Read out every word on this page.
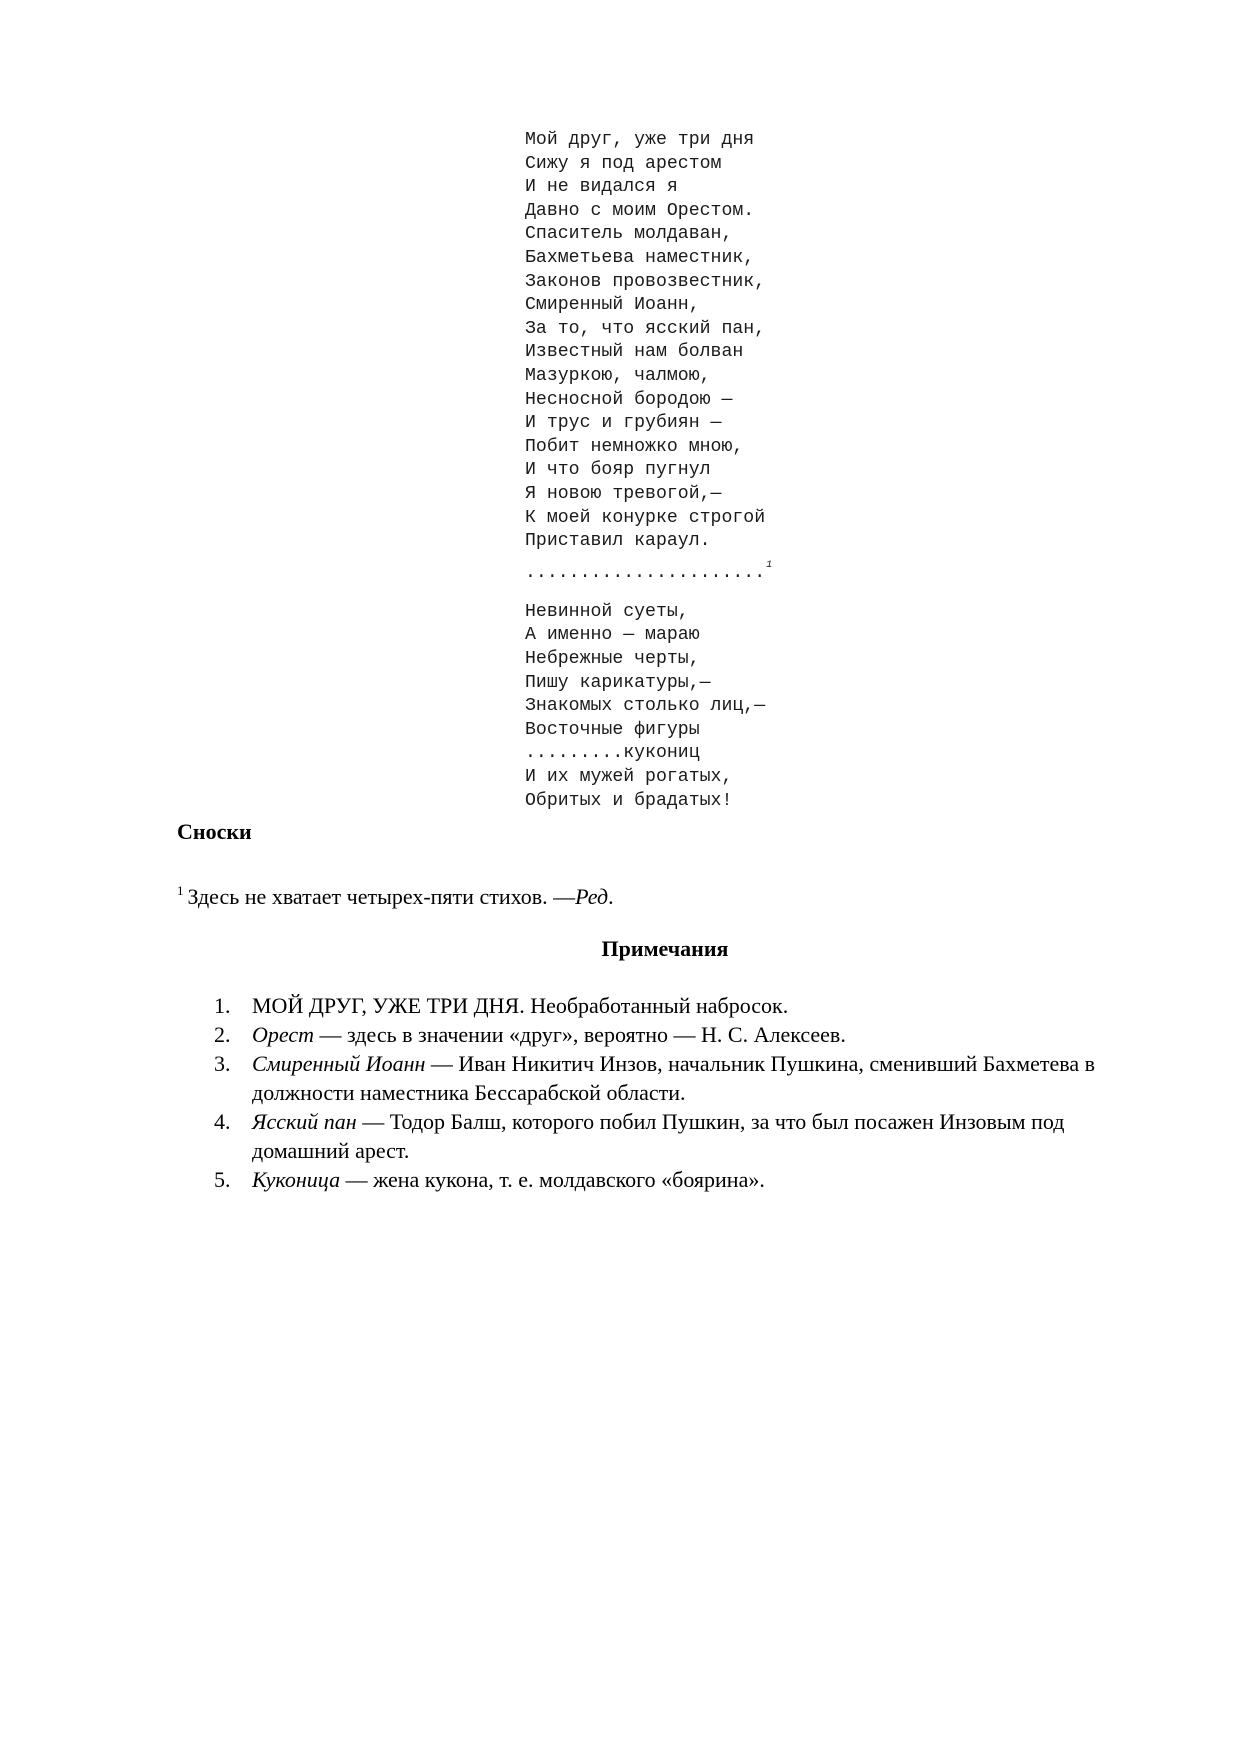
Мой друг, уже три дня
Сижу я под арестом
И не видался я
Давно с моим Орестом.
Спаситель молдаван,
Бахметьева наместник,
Законов провозвестник,
Смиренный Иоанн,
За то, что ясский пан,
Известный нам болван
Мазуркою, чалмою,
Несносной бородою —
И трус и грубиян —
Побит немножко мною,
И что бояр пугнул
Я новою тревогой,—
К моей конурке строгой
Приставил караул.
......................$^1$
Невинной суеты,
А именно — мараю
Небрежные черты,
Пишу карикатуры,—
Знакомых столько лиц,—
Восточные фигуры
.........кукониц
И их мужей рогатых,
Обритых и брадатых!
Сноски

$^1$ Здесь не хватает четырех-пяти стихов. —Ред.

Примечания
1. МОЙ ДРУГ, УЖЕ ТРИ ДНЯ. Необработанный набросок.
2. Орест — здесь в значении «друг», вероятно — Н. С. Алексеев.
3. Смиренный Иоанн — Иван Никитич Инзов, начальник Пушкина, сменивший Бахметева в должности наместника Бессарабской области.
4. Ясский пан — Тодор Балш, которого побил Пушкин, за что был посажен Инзовым под домашний арест.
5. Куконица — жена кукона, т. е. молдавского «боярина».
